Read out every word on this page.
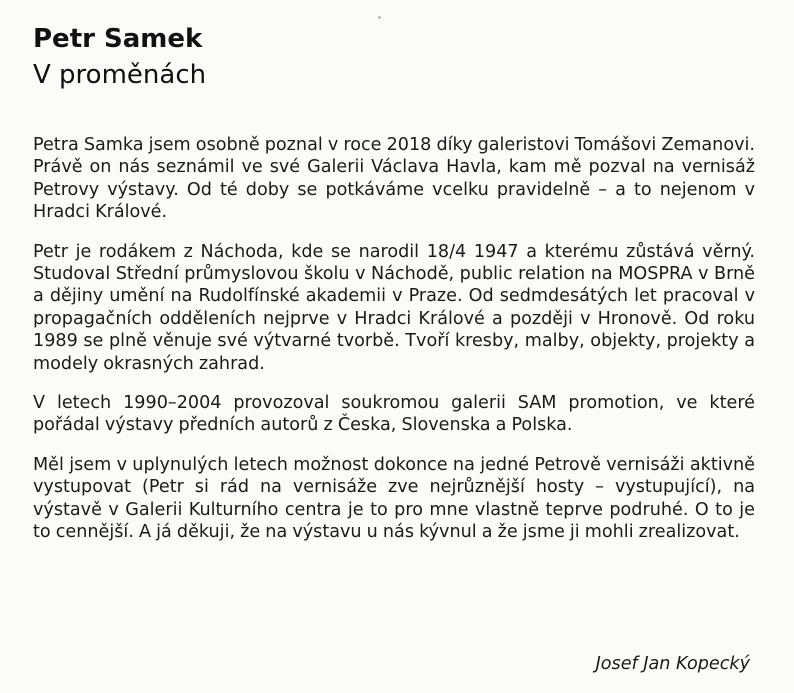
Petr Samek
V proměnách

Petra Samka jsem osobně poznal v roce 2018 díky galeristovi Tomášovi Zemanovi. Právě on nás seznámil ve své Galerii Václava Havla, kam mě pozval na vernisáž Petrovy výstavy. Od té doby se potkáváme vcelku pravidelně – a to nejenom v Hradci Králové.

Petr je rodákem z Náchoda, kde se narodil 18/4 1947 a kterému zůstává věrný. Studoval Střední průmyslovou školu v Náchodě, public relation na MOSPRA v Brně a dějiny umění na Rudolfínské akademii v Praze. Od sedmdesátých let pracoval v propagačních odděleních nejprve v Hradci Králové a později v Hronově. Od roku 1989 se plně věnuje své výtvarné tvorbě. Tvoří kresby, malby, objekty, projekty a modely okrasných zahrad.

V letech 1990–2004 provozoval soukromou galerii SAM promotion, ve které pořádal výstavy předních autorů z Česka, Slovenska a Polska.

Měl jsem v uplynulých letech možnost dokonce na jedné Petrově vernisáži aktivně vystupovat (Petr si rád na vernisáže zve nejrůznější hosty – vystupující), na výstavě v Galerii Kulturního centra je to pro mne vlastně teprve podruhé. O to je to cennější. A já děkuji, že na výstavu u nás kývnul a že jsme ji mohli zrealizovat.

Josef Jan Kopecký
